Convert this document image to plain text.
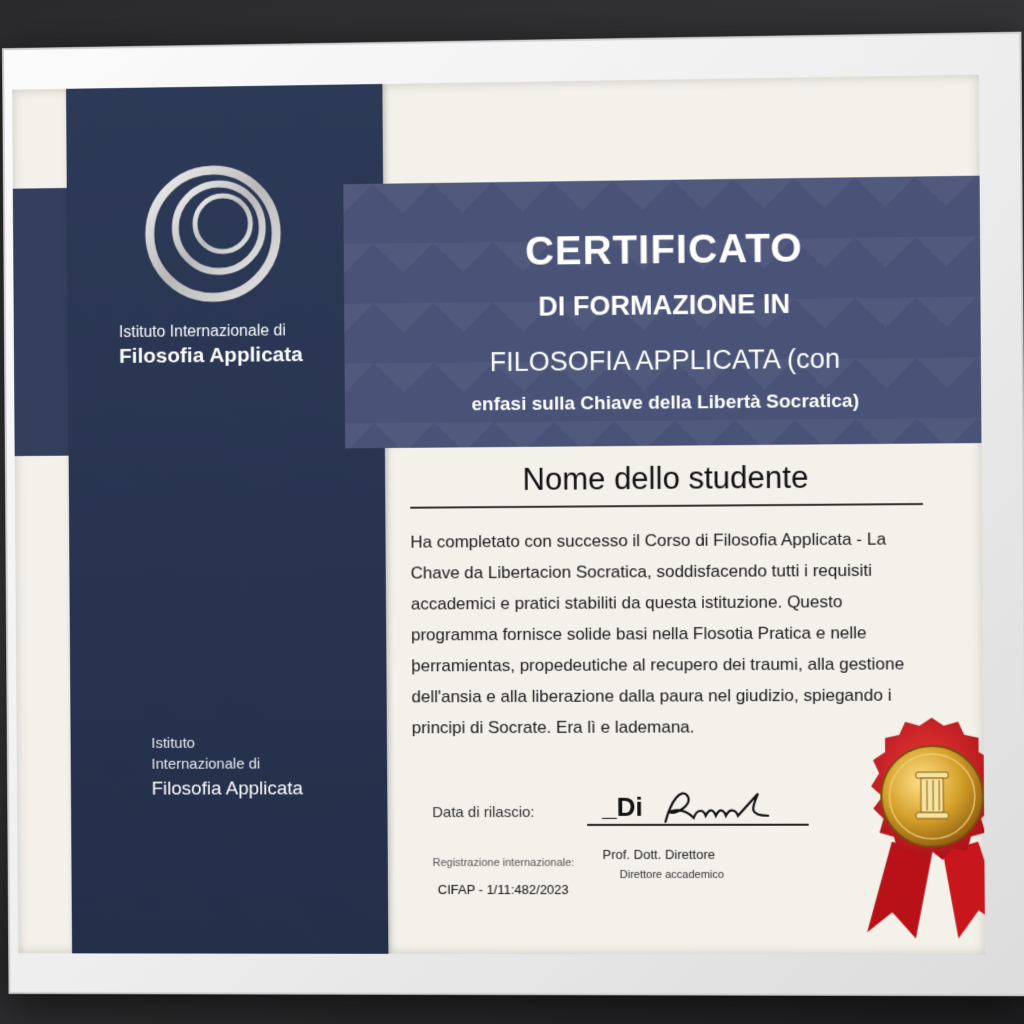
Istituto Internazionale di
Filosofia Applicata
Istituto
Internazionale di
Filosofia Applicata
CERTIFICATO
DI FORMAZIONE IN
FILOSOFIA APPLICATA (con
enfasi sulla Chiave della Libertà Socratica)
Nome dello studente
Ha completato con successo il Corso di Filosofia Applicata - La Chave da Libertacion Socratica, soddisfacendo tutti i requisiti accademici e pratici stabiliti da questa istituzione. Questo programma fornisce solide basi nella Flosotia Pratica e nelle þerramientas, propedeutiche al recupero dei traumi, alla gestione dell'ansia e alla liberazione dalla paura nel giudizio, spiegando i principi di Socrate. Era lì e lademana.
Data di rilascio:	_Di
Registrazione internazionale:
Prof. Dott. Direttore
Direttore accademico
CIFAP - 1/11:482/2023
